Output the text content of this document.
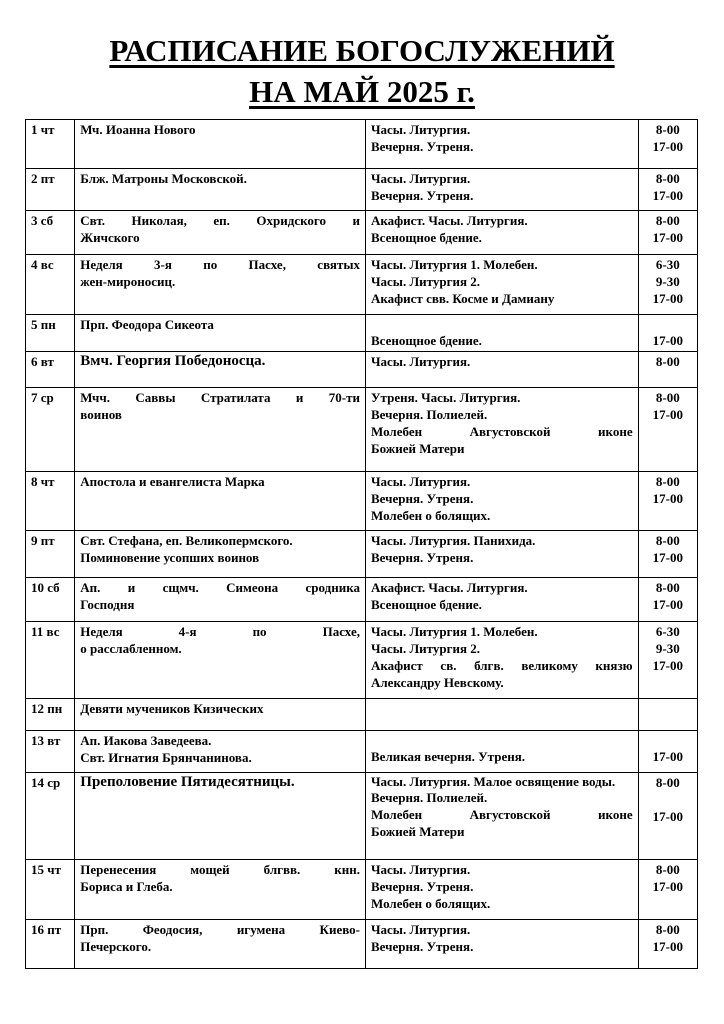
РАСПИСАНИЕ БОГОСЛУЖЕНИЙ
НА МАЙ 2025 г.
1 чт	Мч. Иоанна Нового	Часы. Литургия.
Вечерня. Утреня.	8-00
17-00

2 пт	Блж. Матроны Московской.	Часы. Литургия.
Вечерня. Утреня.	8-00
17-00

3 сб	Свт. Николая, еп. Охридского и
Жичского	Акафист. Часы. Литургия.
Всенощное бдение.	8-00
17-00

4 вс	Неделя 3-я по Пасхе, святых
жен-мироносиц.	Часы. Литургия 1. Молебен.
Часы. Литургия 2.
Акафист свв. Косме и Дамиану	6-30
9-30
17-00

5 пн	Прп. Феодора Сикеота	Всенощное бдение.	17-00

6 вт	Вмч. Георгия Победоносца.	Часы. Литургия.	8-00

7 ср	Мчч. Саввы Стратилата и 70-ти
воинов	Утреня. Часы. Литургия.
Вечерня. Полиелей.
Молебен Августовской иконе
Божией Матери	8-00
17-00

8 чт	Апостола и евангелиста Марка	Часы. Литургия.
Вечерня. Утреня.
Молебен о болящих.	8-00
17-00

9 пт	Свт. Стефана, еп. Великопермского.
Поминовение усопших воинов	Часы. Литургия. Панихида.
Вечерня. Утреня.	8-00
17-00

10 сб	Ап. и сщмч. Симеона сродника
Господня	Акафист. Часы. Литургия.
Всенощное бдение.	8-00
17-00

11 вс	Неделя 4-я по Пасхе,
о расслабленном.	Часы. Литургия 1. Молебен.
Часы. Литургия 2.
Акафист св. блгв. великому князю
Александру Невскому.	6-30
9-30
17-00

12 пн	Девяти мучеников Кизических		

13 вт	Ап. Иакова Заведеева.
Свт. Игнатия Брянчанинова.	Великая вечерня. Утреня.	17-00

14 ср	Преполовение Пятидесятницы.	Часы. Литургия. Малое освящение воды.
Вечерня. Полиелей.
Молебен Августовской иконе
Божией Матери	8-00
17-00

15 чт	Перенесения мощей блгвв. кнн.
Бориса и Глеба.	Часы. Литургия.
Вечерня. Утреня.
Молебен о болящих.	8-00
17-00

16 пт	Прп. Феодосия, игумена Киево-
Печерского.	Часы. Литургия.
Вечерня. Утреня.	8-00
17-00
